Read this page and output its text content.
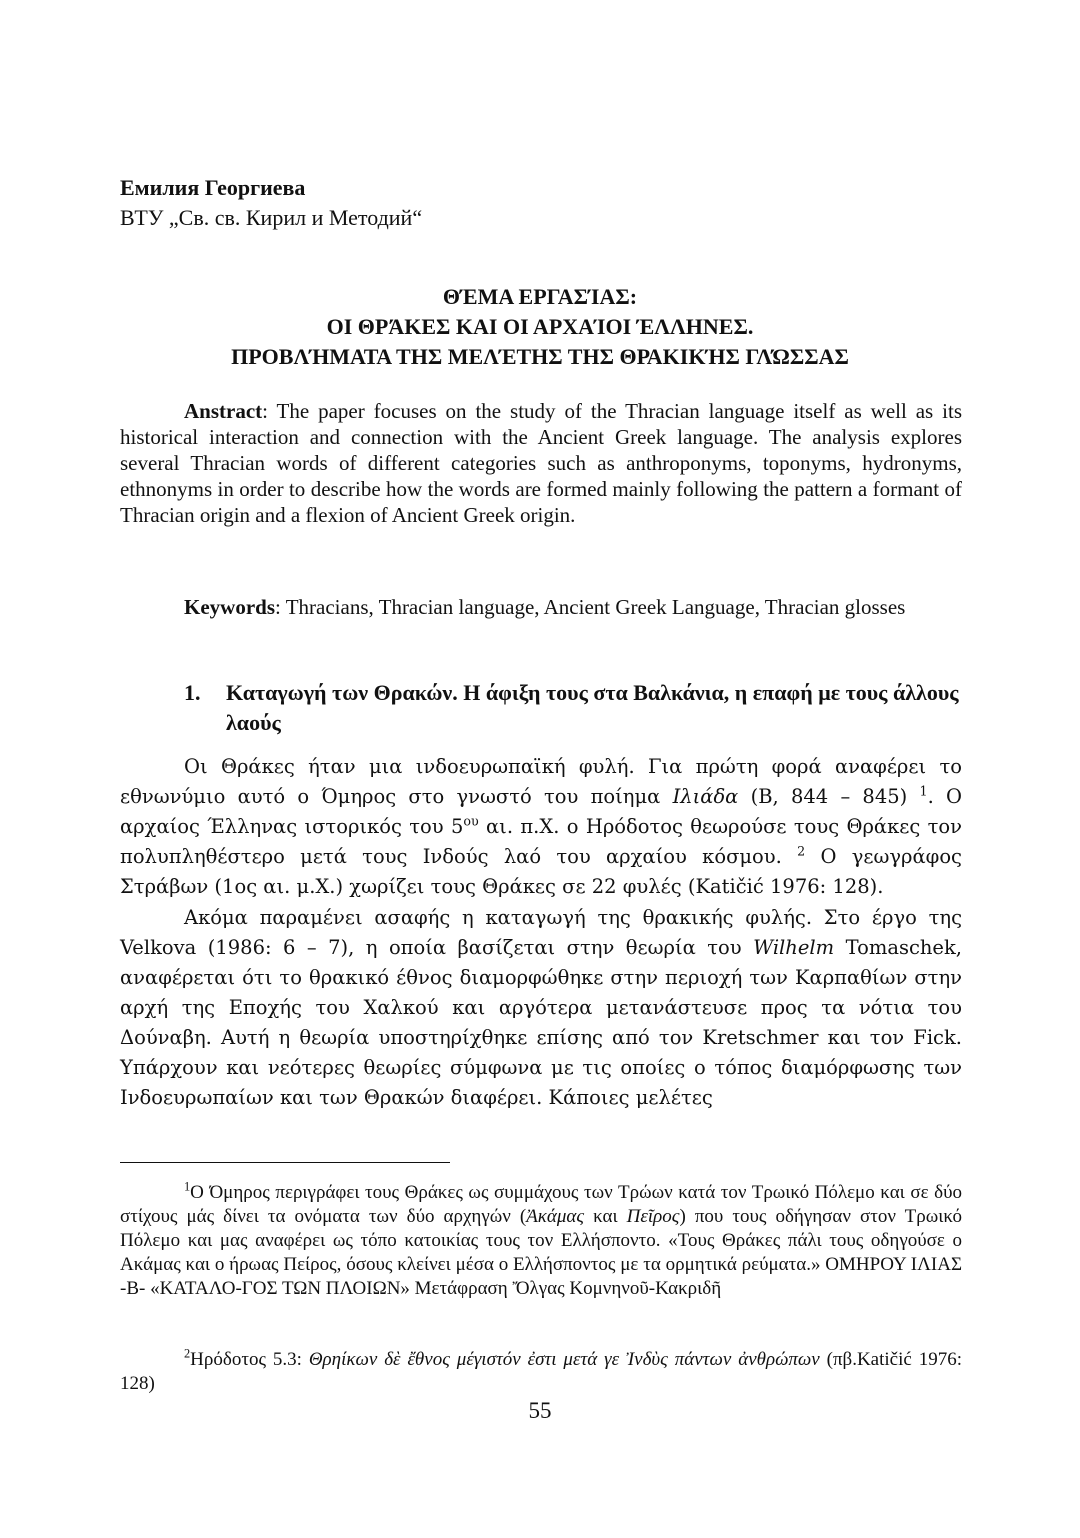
Емилия Георгиева
ВТУ „Св. св. Кирил и Методий“
ΘΈΜΑ ΕΡΓΑΣΊΑΣ:
ΟΙ ΘΡΆΚΕΣ ΚΑΙ ΟΙ ΑΡΧΑΊΟΙ ΈΛΛΗΝΕΣ.
ΠΡΟΒΛΉΜΑΤΑ ΤΗΣ ΜΕΛΈΤΗΣ ΤΗΣ ΘΡΑΚΙΚΉΣ ΓΛΏΣΣΑΣ
Anstract: The paper focuses on the study of the Thracian language itself as well as its historical interaction and connection with the Ancient Greek language. The analysis explores several Thracian words of different categories such as anthroponyms, toponyms, hydronyms, ethnonyms in order to describe how the words are formed mainly following the pattern a formant of Thracian origin and a flexion of Ancient Greek origin.
Keywords: Thracians, Thracian language, Ancient Greek Language, Thracian glosses
1.	Καταγωγή των Θρακών. Η άφιξη τους στα Βαλκάνια, η επαφή με τους άλλους λαούς
Οι Θράκες ήταν μια ινδοευρωπαϊκή φυλή. Για πρώτη φορά αναφέρει το εθνωνύμιο αυτό ο Όμηρος στο γνωστό του ποίημα Ιλιάδα (B, 844 – 845) $^1$. Ο αρχαίος Έλληνας ιστορικός του $5^{o\upsilon}$ αι. π.Χ. ο Ηρόδοτος θεωρούσε τους Θράκες τον πολυπληθέστερο μετά τους Ινδούς λαό του αρχαίου κόσμου. $^2$ Ο γεωγράφος Στράβων (1ος αι. μ.Χ.) χωρίζει τους Θράκες σε 22 φυλές (Katičić 1976: 128).
Ακόμα παραμένει ασαφής η καταγωγή της θρακικής φυλής. Στο έργο της Velkova (1986: 6 – 7), η οποία βασίζεται στην θεωρία του Wilhelm Tomaschek, αναφέρεται ότι το θρακικό έθνος διαμορφώθηκε στην περιοχή των Καρπαθίων στην αρχή της Εποχής του Χαλκού και αργότερα μετανάστευσε προς τα νότια του Δούναβη. Αυτή η θεωρία υποστηρίχθηκε επίσης από τον Kretschmer και τον Fick. Υπάρχουν και νεότερες θεωρίες σύμφωνα με τις οποίες ο τόπος διαμόρφωσης των Ινδοευρωπαίων και των Θρακών διαφέρει. Κάποιες μελέτες
$^1$Ο Όμηρος περιγράφει τους Θράκες ως συμμάχους των Τρώων κατά τον Τρωικό Πόλεμο και σε δύο στίχους μάς δίνει τα ονόματα των δύο αρχηγών (Ἀκάμας και Πεῖρος) που τους οδήγησαν στον Τρωικό Πόλεμο και μας αναφέρει ως τόπο κατοικίας τους τον Ελλήσποντο. «Τους Θράκες πάλι τους οδηγούσε ο Ακάμας και ο ήρωας Πείρος, όσους κλείνει μέσα ο Ελλήσποντος με τα ορμητικά ρεύματα.» ΟΜΗΡΟΥ ΙΛΙΑΣ -Β- «ΚΑΤΑΛΟ-ΓΟΣ ΤΩΝ ΠΛΟΙΩΝ» Μετάφραση Ὄλγας Κομνηνοῦ-Κακριδῆ
$^2$Ηρόδοτος 5.3: Θρηίκων δὲ ἔθνος μέγιστόν ἐστι μετά γε Ἰνδὺς πάντων ἀνθρώπων (πβ.Katičić 1976: 128)
55
